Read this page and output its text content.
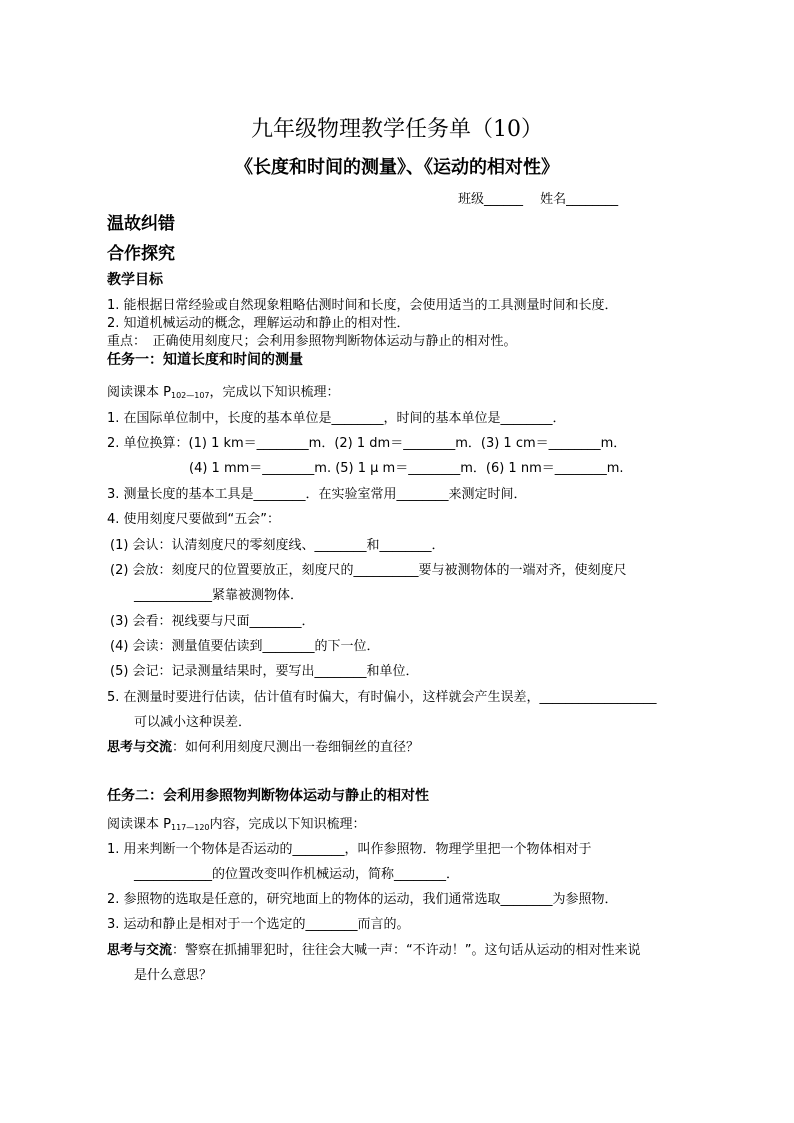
九年级物理教学任务单（10）
《长度和时间的测量》、《运动的相对性》
班级______　 姓名________
温故纠错
合作探究
教学目标
1. 能根据日常经验或自然现象粗略估测时间和长度，会使用适当的工具测量时间和长度．
2. 知道机械运动的概念，理解运动和静止的相对性．
重点：　正确使用刻度尺；会利用参照物判断物体运动与静止的相对性。
任务一：知道长度和时间的测量
阅读课本 $P_{102—107}$，完成以下知识梳理：
1. 在国际单位制中，长度的基本单位是________，时间的基本单位是________．
2. 单位换算：(1) 1 km＝________m．(2) 1 dm＝________m．(3) 1 cm＝________m．
(4) 1 mm＝________m. (5) 1 μ m＝________m．(6) 1 nm＝________m.
3. 测量长度的基本工具是________．在实验室常用________来测定时间．
4. 使用刻度尺要做到“五会”：
(1) 会认：认清刻度尺的零刻度线、________和________．
(2) 会放：刻度尺的位置要放正，刻度尺的__________要与被测物体的一端对齐，使刻度尺
____________紧靠被测物体．
(3) 会看：视线要与尺面________．
(4) 会读：测量值要估读到________的下一位．
(5) 会记：记录测量结果时，要写出________和单位．
5. 在测量时要进行估读，估计值有时偏大，有时偏小，这样就会产生误差，__________________
可以减小这种误差．
思考与交流：如何利用刻度尺测出一卷细铜丝的直径？
任务二：会利用参照物判断物体运动与静止的相对性
阅读课本 $P_{117—120}$内容，完成以下知识梳理：
1. 用来判断一个物体是否运动的________，叫作参照物．物理学里把一个物体相对于
____________的位置改变叫作机械运动，简称________．
2. 参照物的选取是任意的，研究地面上的物体的运动，我们通常选取________为参照物．
3. 运动和静止是相对于一个选定的________而言的。
思考与交流：警察在抓捕罪犯时，往往会大喊一声：“不许动！”。这句话从运动的相对性来说
是什么意思？
